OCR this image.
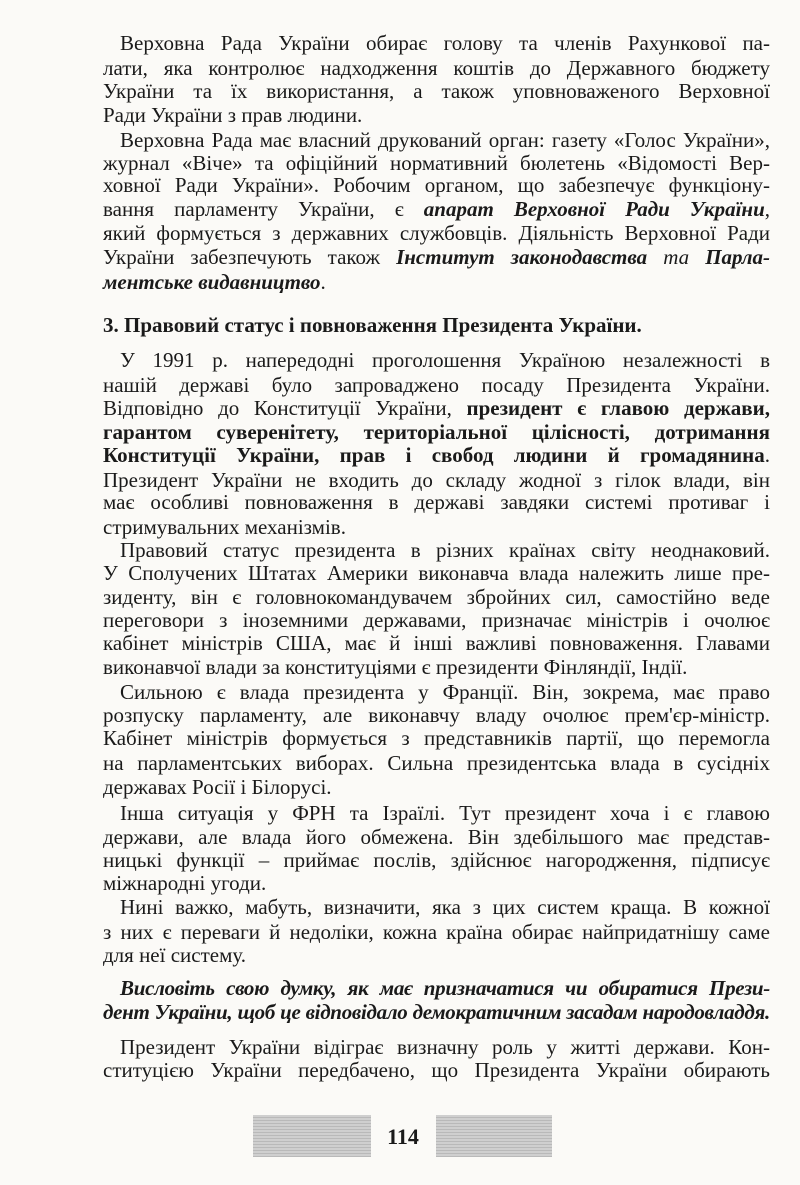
Верховна Рада України обирає голову та членів Рахункової па-
лати, яка контролює надходження коштів до Державного бюджету
України та їх використання, а також уповноваженого Верховної
Ради України з прав людини.
Верховна Рада має власний друкований орган: газету «Голос України»,
журнал «Віче» та офіційний нормативний бюлетень «Відомості Вер-
ховної Ради України». Робочим органом, що забезпечує функціону-
вання парламенту України, є апарат Верховної Ради України,
який формується з державних службовців. Діяльність Верховної Ради
України забезпечують також Інститут законодавства та Парла-
ментське видавництво.
У 1991 р. напередодні проголошення Україною незалежності в
нашій державі було запроваджено посаду Президента України.
Відповідно до Конституції України, президент є главою держави,
гарантом суверенітету, територіальної цілісності, дотримання
Конституції України, прав і свобод людини й громадянина.
Президент України не входить до складу жодної з гілок влади, він
має особливі повноваження в державі завдяки системі противаг і
стримувальних механізмів.
Правовий статус президента в різних країнах світу неоднаковий.
У Сполучених Штатах Америки виконавча влада належить лише пре-
зиденту, він є головнокомандувачем збройних сил, самостійно веде
переговори з іноземними державами, призначає міністрів і очолює
кабінет міністрів США, має й інші важливі повноваження. Главами
виконавчої влади за конституціями є президенти Фінляндії, Індії.
Сильною є влада президента у Франції. Він, зокрема, має право
розпуску парламенту, але виконавчу владу очолює прем'єр-міністр.
Кабінет міністрів формується з представників партії, що перемогла
на парламентських виборах. Сильна президентська влада в сусідніх
державах Росії і Білорусі.
Інша ситуація у ФРН та Ізраїлі. Тут президент хоча і є главою
держави, але влада його обмежена. Він здебільшого має представ-
ницькі функції – приймає послів, здійснює нагородження, підписує
міжнародні угоди.
Нині важко, мабуть, визначити, яка з цих систем краща. В кожної
з них є переваги й недоліки, кожна країна обирає найпридатнішу саме
для неї систему.
Висловіть свою думку, як має призначатися чи обиратися Прези-
дент України, щоб це відповідало демократичним засадам народовладдя.
Президент України відіграє визначну роль у житті держави. Кон-
ституцією України передбачено, що Президента України обирають
3. Правовий статус і повноваження Президента України.
114
